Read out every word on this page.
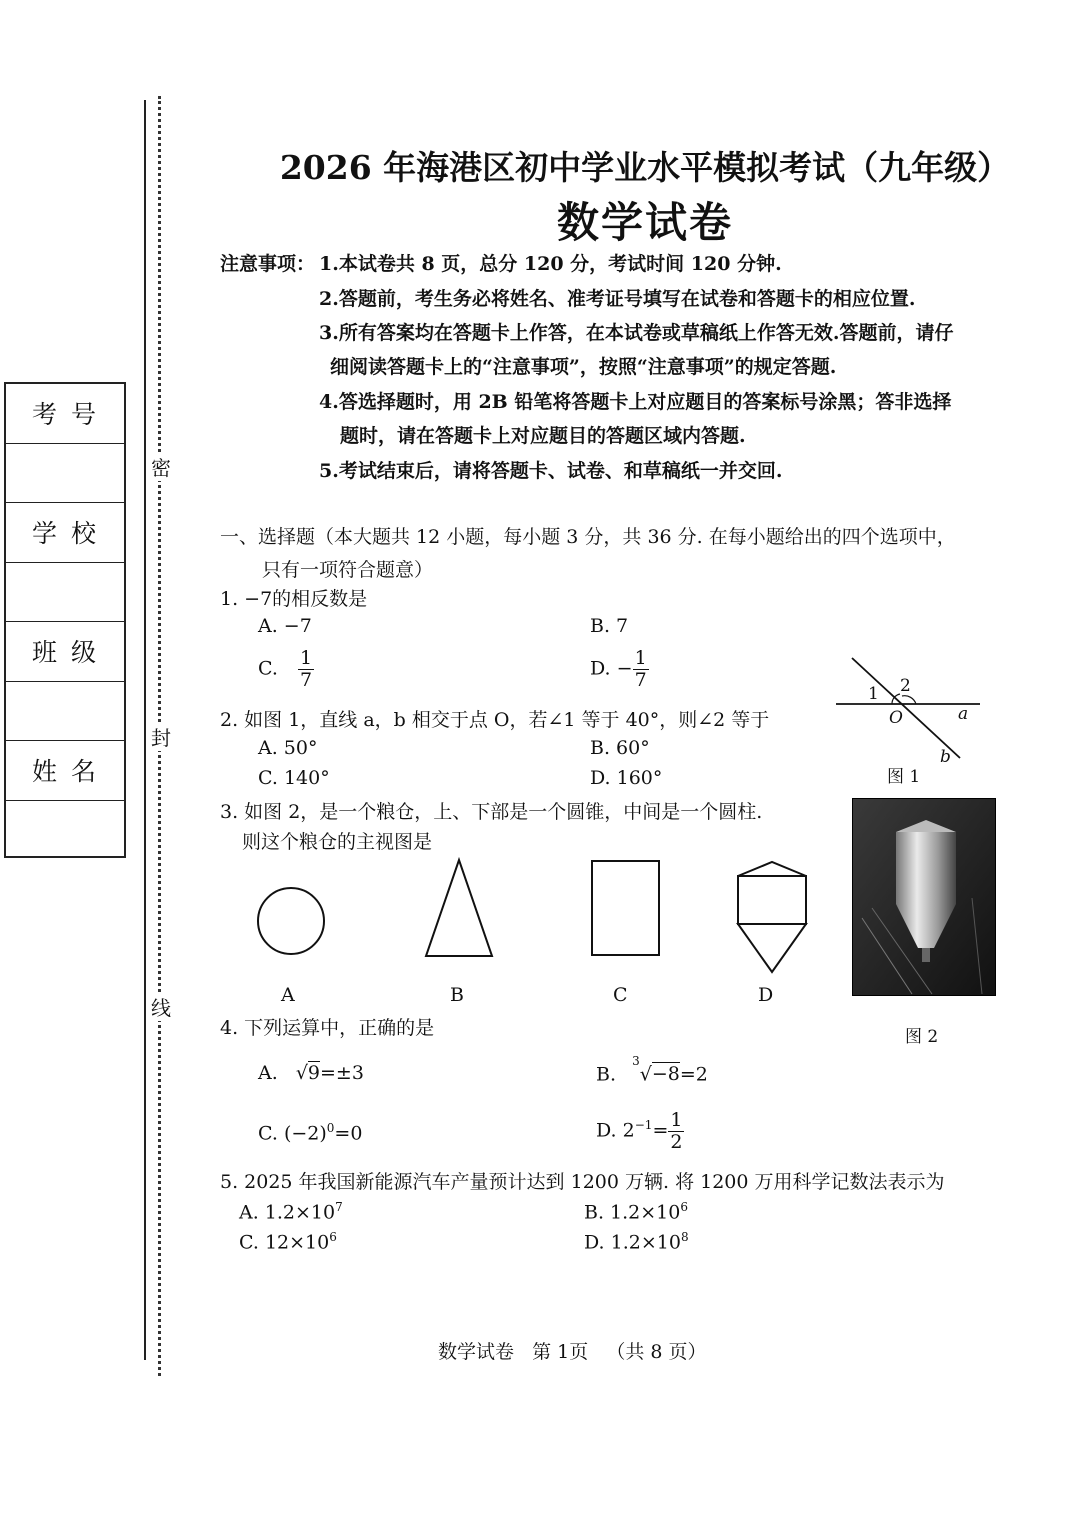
密
封
线
考号
学校
班级
姓名
2026 年海港区初中学业水平模拟考试（九年级）
数学试卷
注意事项： 1.本试卷共 8 页，总分 120 分，考试时间 120 分钟.
2.答题前，考生务必将姓名、准考证号填写在试卷和答题卡的相应位置.
3.所有答案均在答题卡上作答，在本试卷或草稿纸上作答无效.答题前，请仔
细阅读答题卡上的“注意事项”，按照“注意事项”的规定答题.
4.答选择题时，用 2B 铅笔将答题卡上对应题目的答案标号涂黑；答非选择
题时，请在答题卡上对应题目的答题区域内答题.
5.考试结束后，请将答题卡、试卷、和草稿纸一并交回.
一、选择题（本大题共 12 小题，每小题 3 分，共 36 分. 在每小题给出的四个选项中，
只有一项符合题意）
1. −7的相反数是
A. −7	B. 7
C. $\frac{1}{7}$	D. − $\frac{1}{7}$
1 2
O	a
b
图 1
2. 如图 1，直线 a，b 相交于点 O，若∠1 等于 40°，则∠2 等于
A. 50°	B. 60°
C. 140°	D. 160°
3. 如图 2，是一个粮仓，上、下部是一个圆锥，中间是一个圆柱.
则这个粮仓的主视图是
A	B	C	D
图 2
4. 下列运算中，正确的是
A. √9=±3	B. $^3$√−8=2
C. $(-2)^0=0$	D. $2^{-1}= \frac{1}{2}$
5. 2025 年我国新能源汽车产量预计达到 1200 万辆. 将 1200 万用科学记数法表示为
A. $1.2\times 10^7$	B. $1.2\times 10^6$
C. $12\times 10^6$	D. $1.2\times 10^8$
数学试卷   第 1页   （共 8 页）
